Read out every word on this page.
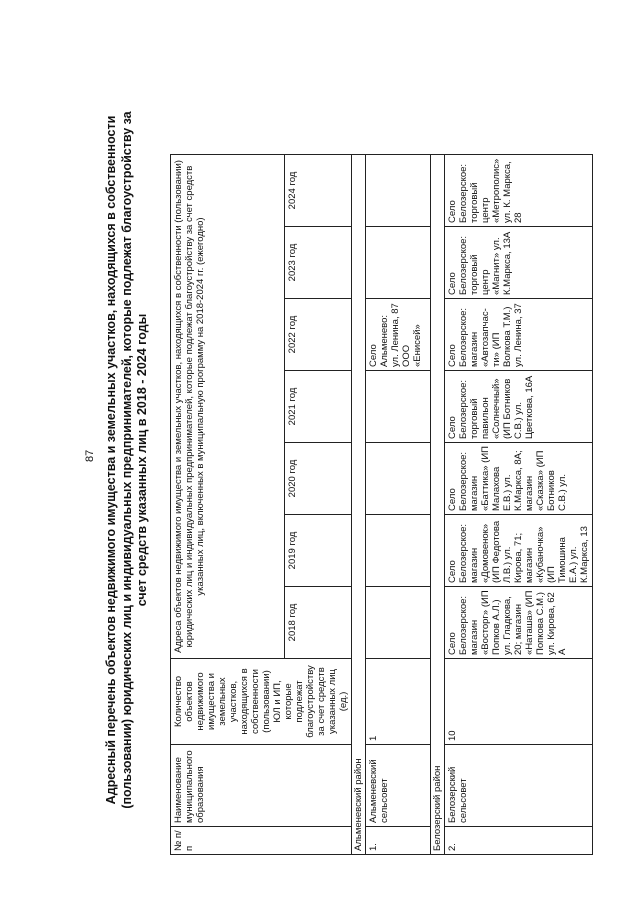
87 Адресный перечень объектов недвижимого имущества и земельных участков, находящихся в собственности (пользовании) юридических лиц и индивидуальных предпринимателей, которые подлежат благоустройству за счет средств указанных лиц в 2018 - 2024 годы
№ п/п	Наименование муниципального образования	Количество объектов недвижимого имущества и земельных участков, находящихся в собственности (пользовании) ЮЛ и ИП, которые подлежат благоустройству за счет средств указанных лиц (ед.)	Адреса объектов недвижимого имущества и земельных участков, находящихся в собственности (пользовании) юридических лиц и индивидуальных предпринимателей, которые подлежат благоустройству за счет средств указанных лиц, включенных в муниципальную программу на 2018-2024 гг. (ежегодно)						
			2018 год	2019 год	2020 год	2021 год	2022 год	2023 год	2024 год
Альменевский район									
1.	Альменевский сельсовет	1					Село Альменево: ул. Ленина, 87 ООО «Енисей»		
Белозерский район									
2.	Белозерский сельсовет	10	Село Белозерское: магазин «Восторг» (ИП Попков А.Л.) ул. Гладкова, 20; магазин «Наташа» (ИП Попкова С.М.) ул. Кирова, 62 А	Село Белозерское: магазин «Домовенок» (ИП Федотова Л.В.) ул. Кирова, 71; магазин «Кубаночка» (ИП Тимошина Е.А.) ул. К.Маркса, 13	Село Белозерское: магазин «Баттика» (ИП Малахова Е.В.) ул. К.Маркса, 8А; магазин «Сказка» (ИП Ботников С.В.) ул.	Село Белозерское: торговый павильон «Солнечный» (ИП Ботников С.В.) ул. Цветкова, 16А	Село Белозерское: магазин «Автозапчас-ти» (ИП Волкова Т.М.) ул. Ленина, 37	Село Белозерское: торговый центр «Магнит» ул. К.Маркса, 13А	Село Белозерское: торговый центр «Метрополис» ул. К. Маркса, 28
